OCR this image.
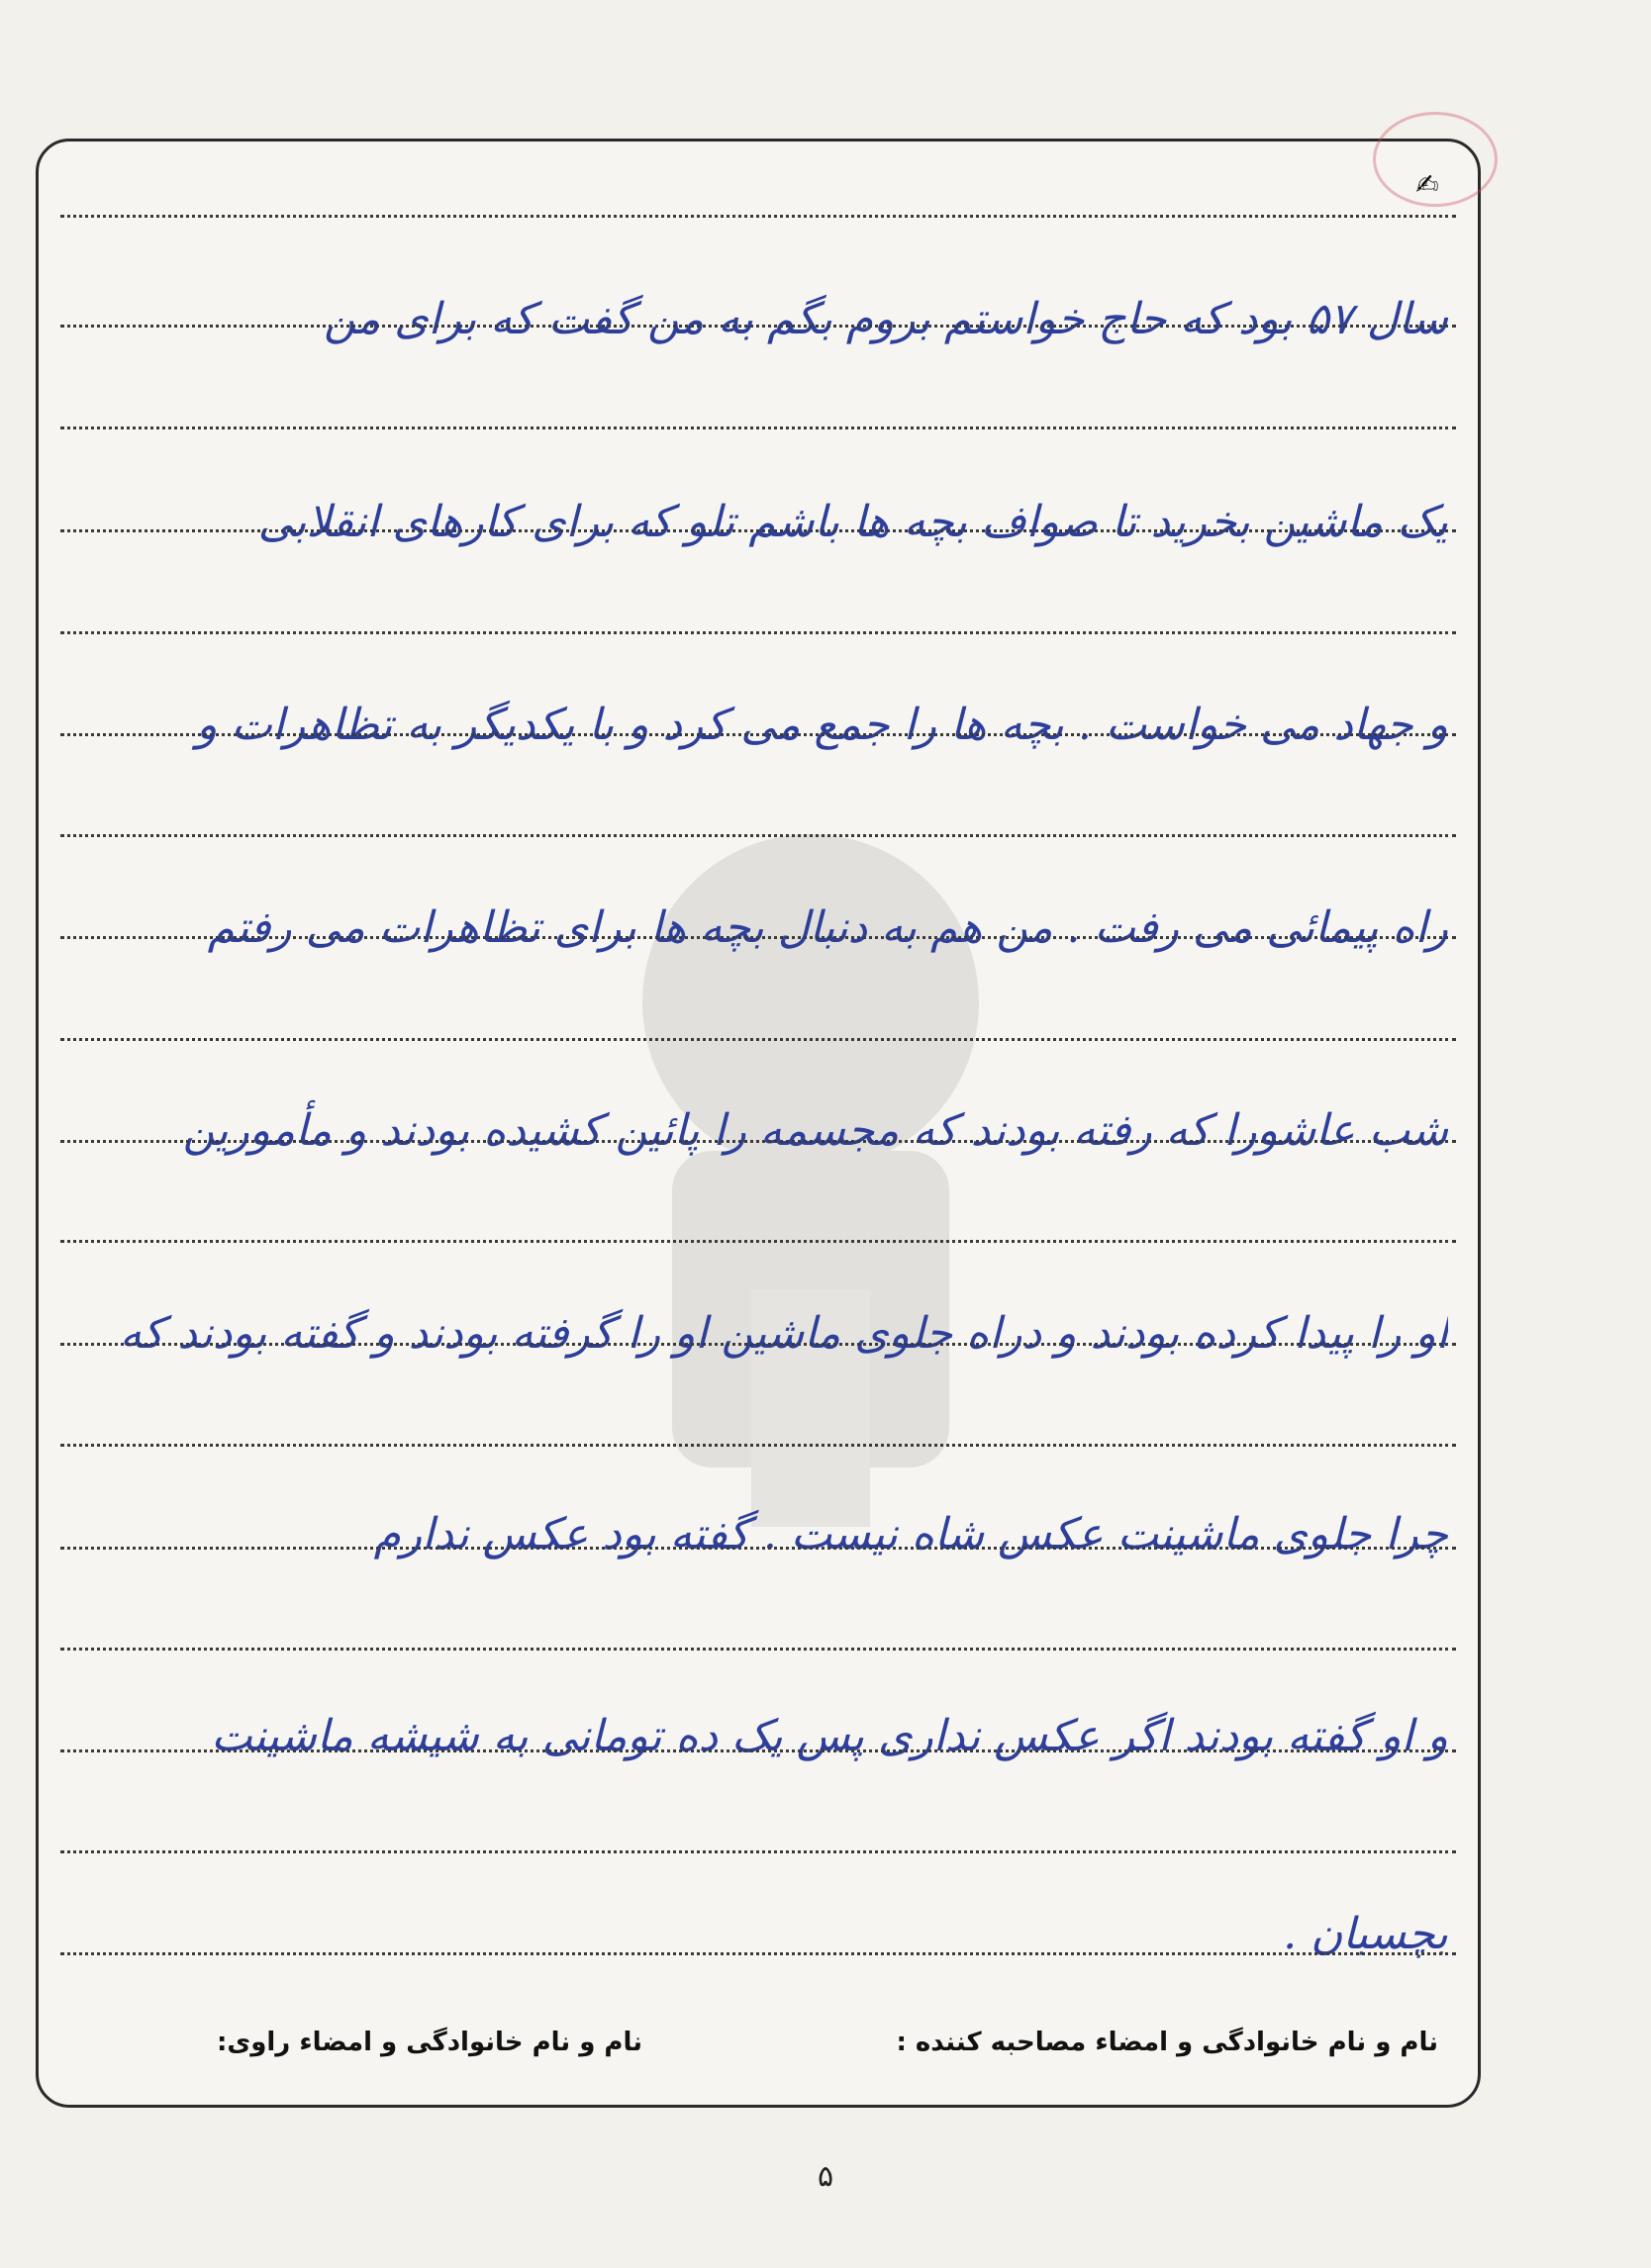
✍
سال ۵۷ بود که حاج خواستم بروم بگم به من گفت که برای من
یک ماشین بخرید تا صواف بچه ها باشم تلو که برای کارهای انقلابی
و جهاد می خواست . بچه ها را جمع می کرد و با یکدیگر به تظاهرات و
راه پیمائی می رفت . من هم به دنبال بچه ها برای تظاهرات می رفتم
شب عاشورا که رفته بودند که مجسمه را پائین کشیده بودند و مأمورین
او را پیدا کرده بودند و دراه جلوی ماشین او را گرفته بودند و گفته بودند که
چرا جلوی ماشینت عکس شاه نیست . گفته بود عکس ندارم
و او گفته بودند اگر عکس نداری پس یک ده تومانی به شیشه ماشینت
بچسبان .
نام و نام خانوادگی و امضاء مصاحبه کننده :
نام و نام خانوادگی و امضاء راوی:
۵
